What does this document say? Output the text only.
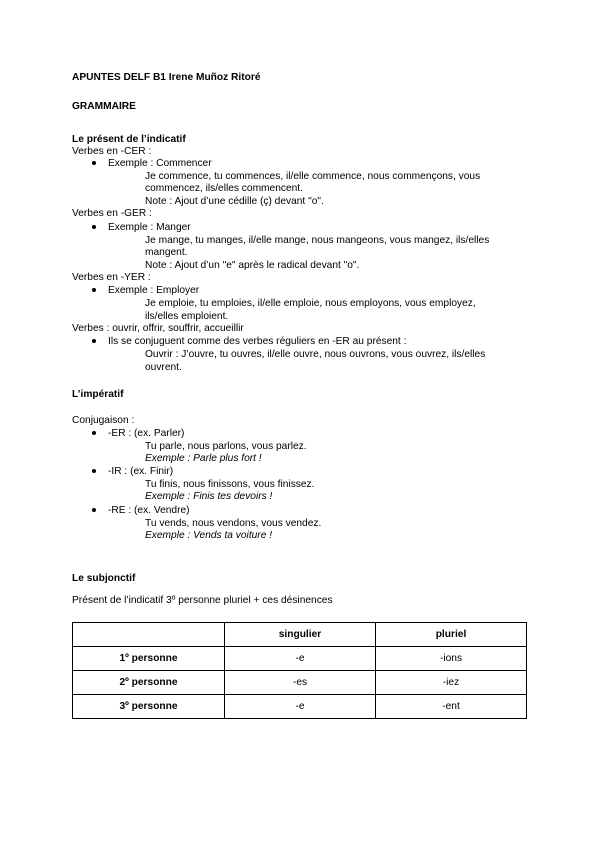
APUNTES DELF B1 Irene Muñoz Ritoré
GRAMMAIRE
Le présent de l’indicatif
Verbes en -CER :
Exemple : Commencer
Je commence, tu commences, il/elle commence, nous commençons, vous
commencez, ils/elles commencent.
Note : Ajout d’une cédille (ç) devant "o".
Verbes en -GER :
Exemple : Manger
Je mange, tu manges, il/elle mange, nous mangeons, vous mangez, ils/elles
mangent.
Note : Ajout d’un "e" après le radical devant "o".
Verbes en -YER :
Exemple : Employer
Je emploie, tu emploies, il/elle emploie, nous employons, vous employez,
ils/elles emploient.
Verbes : ouvrir, offrir, souffrir, accueillir
Ils se conjuguent comme des verbes réguliers en -ER au présent :
Ouvrir : J’ouvre, tu ouvres, il/elle ouvre, nous ouvrons, vous ouvrez, ils/elles
ouvrent.
L’impératif
Conjugaison :
-ER : (ex. Parler)
Tu parle, nous parlons, vous parlez.
Exemple : Parle plus fort !
-IR : (ex. Finir)
Tu finis, nous finissons, vous finissez.
Exemple : Finis tes devoirs !
-RE : (ex. Vendre)
Tu vends, nous vendons, vous vendez.
Exemple : Vends ta voiture !
Le subjonctif
Présent de l’indicatif 3º personne pluriel + ces désinences
	singulier	pluriel
1º personne	-e	-ions
2º personne	-es	-iez
3º personne	-e	-ent
